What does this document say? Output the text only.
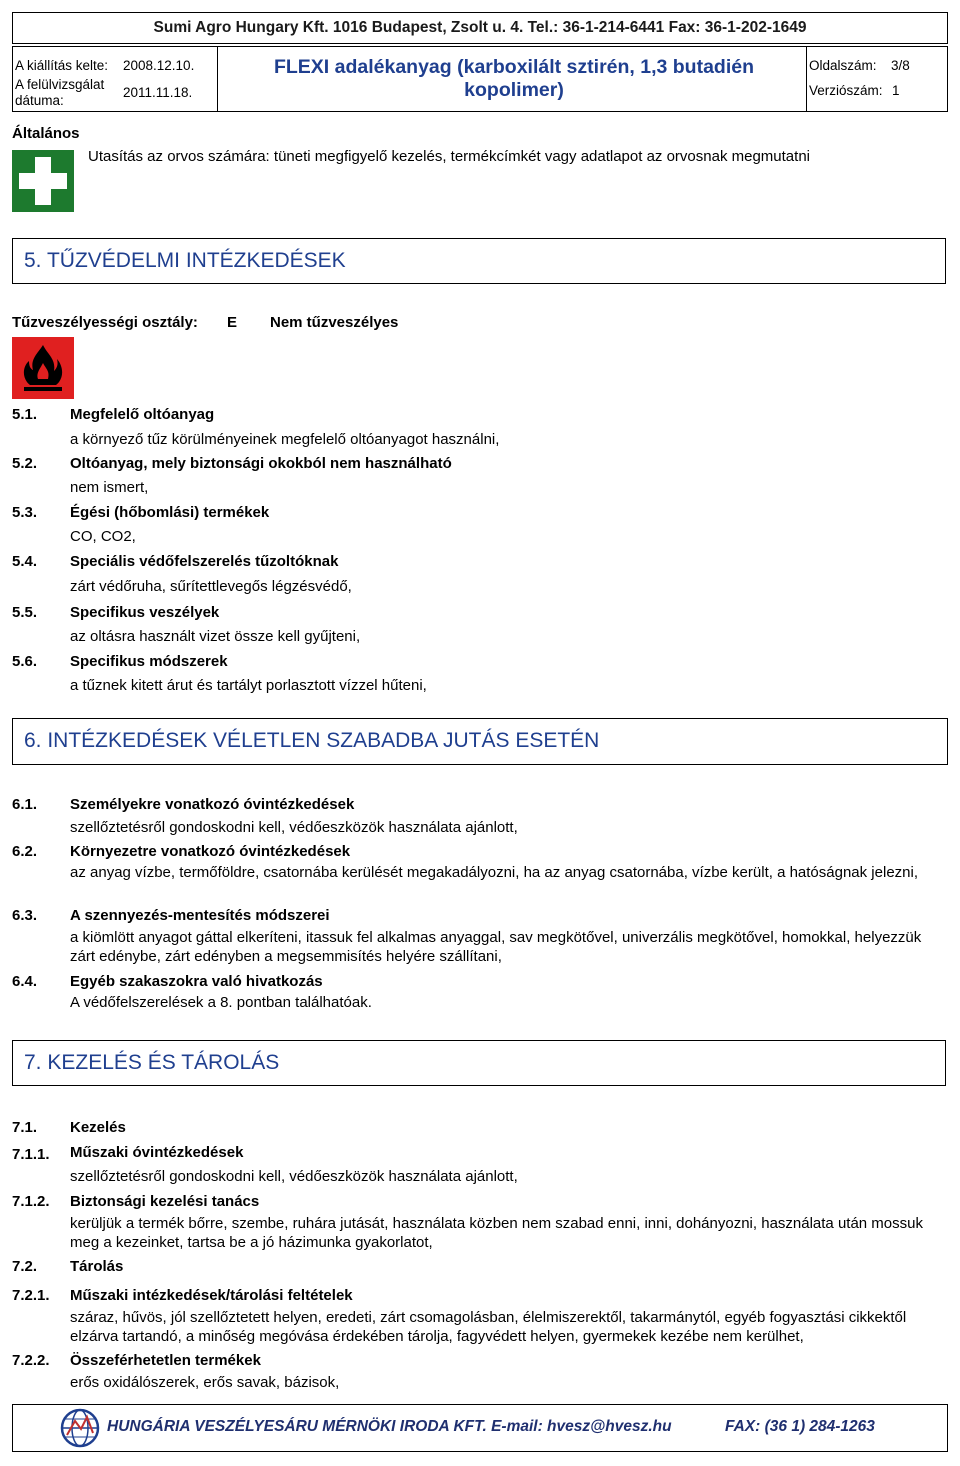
Sumi Agro Hungary Kft. 1016 Budapest, Zsolt u. 4. Tel.: 36-1-214-6441 Fax: 36-1-202-1649
A kiállítás kelte: 2008.12.10.
A felülvizsgálat
dátuma:
2011.11.18.
FLEXI adalékanyag (karboxilált sztirén, 1,3 butadién
kopolimer)
Oldalszám: 3/8
Verziószám: 1
Általános
Utasítás az orvos számára: tüneti megfigyelő kezelés, termékcímkét vagy adatlapot az orvosnak megmutatni
5. TŰZVÉDELMI INTÉZKEDÉSEK
Tűzveszélyességi osztály: E Nem tűzveszélyes
5.1. Megfelelő oltóanyag
a környező tűz körülményeinek megfelelő oltóanyagot használni,
5.2. Oltóanyag, mely biztonsági okokból nem használható
nem ismert,
5.3. Égési (hőbomlási) termékek
CO, CO2,
5.4. Speciális védőfelszerelés tűzoltóknak
zárt védőruha, sűrítettlevegős légzésvédő,
5.5. Specifikus veszélyek
az oltásra használt vizet össze kell gyűjteni,
5.6. Specifikus módszerek
a tűznek kitett árut és tartályt porlasztott vízzel hűteni,
6. INTÉZKEDÉSEK VÉLETLEN SZABADBA JUTÁS ESETÉN
6.1. Személyekre vonatkozó óvintézkedések
szellőztetésről gondoskodni kell, védőeszközök használata ajánlott,
6.2. Környezetre vonatkozó óvintézkedések
az anyag vízbe, termőföldre, csatornába kerülését megakadályozni, ha az anyag csatornába, vízbe került, a hatóságnak jelezni,
6.3. A szennyezés-mentesítés módszerei
a kiömlött anyagot gáttal elkeríteni, itassuk fel alkalmas anyaggal, sav megkötővel, univerzális megkötővel, homokkal, helyezzük zárt edénybe, zárt edényben a megsemmisítés helyére szállítani,
6.4. Egyéb szakaszokra való hivatkozás
A védőfelszerelések a 8. pontban találhatóak.
7. KEZELÉS ÉS TÁROLÁS
7.1. Kezelés
7.1.1. Műszaki óvintézkedések
szellőztetésről gondoskodni kell, védőeszközök használata ajánlott,
7.1.2. Biztonsági kezelési tanács
kerüljük a termék bőrre, szembe, ruhára jutását, használata közben nem szabad enni, inni, dohányozni, használata után mossuk meg a kezeinket, tartsa be a jó házimunka gyakorlatot,
7.2. Tárolás
7.2.1. Műszaki intézkedések/tárolási feltételek
száraz, hűvös, jól szellőztetett helyen, eredeti, zárt csomagolásban, élelmiszerektől, takarmánytól, egyéb fogyasztási cikkektől elzárva tartandó, a minőség megóvása érdekében tárolja, fagyvédett helyen, gyermekek kezébe nem kerülhet,
7.2.2. Összeférhetetlen termékek
erős oxidálószerek, erős savak, bázisok,
HUNGÁRIA VESZÉLYESÁRU MÉRNÖKI IRODA KFT. E-mail: hvesz@hvesz.hu	FAX: (36 1) 284-1263
